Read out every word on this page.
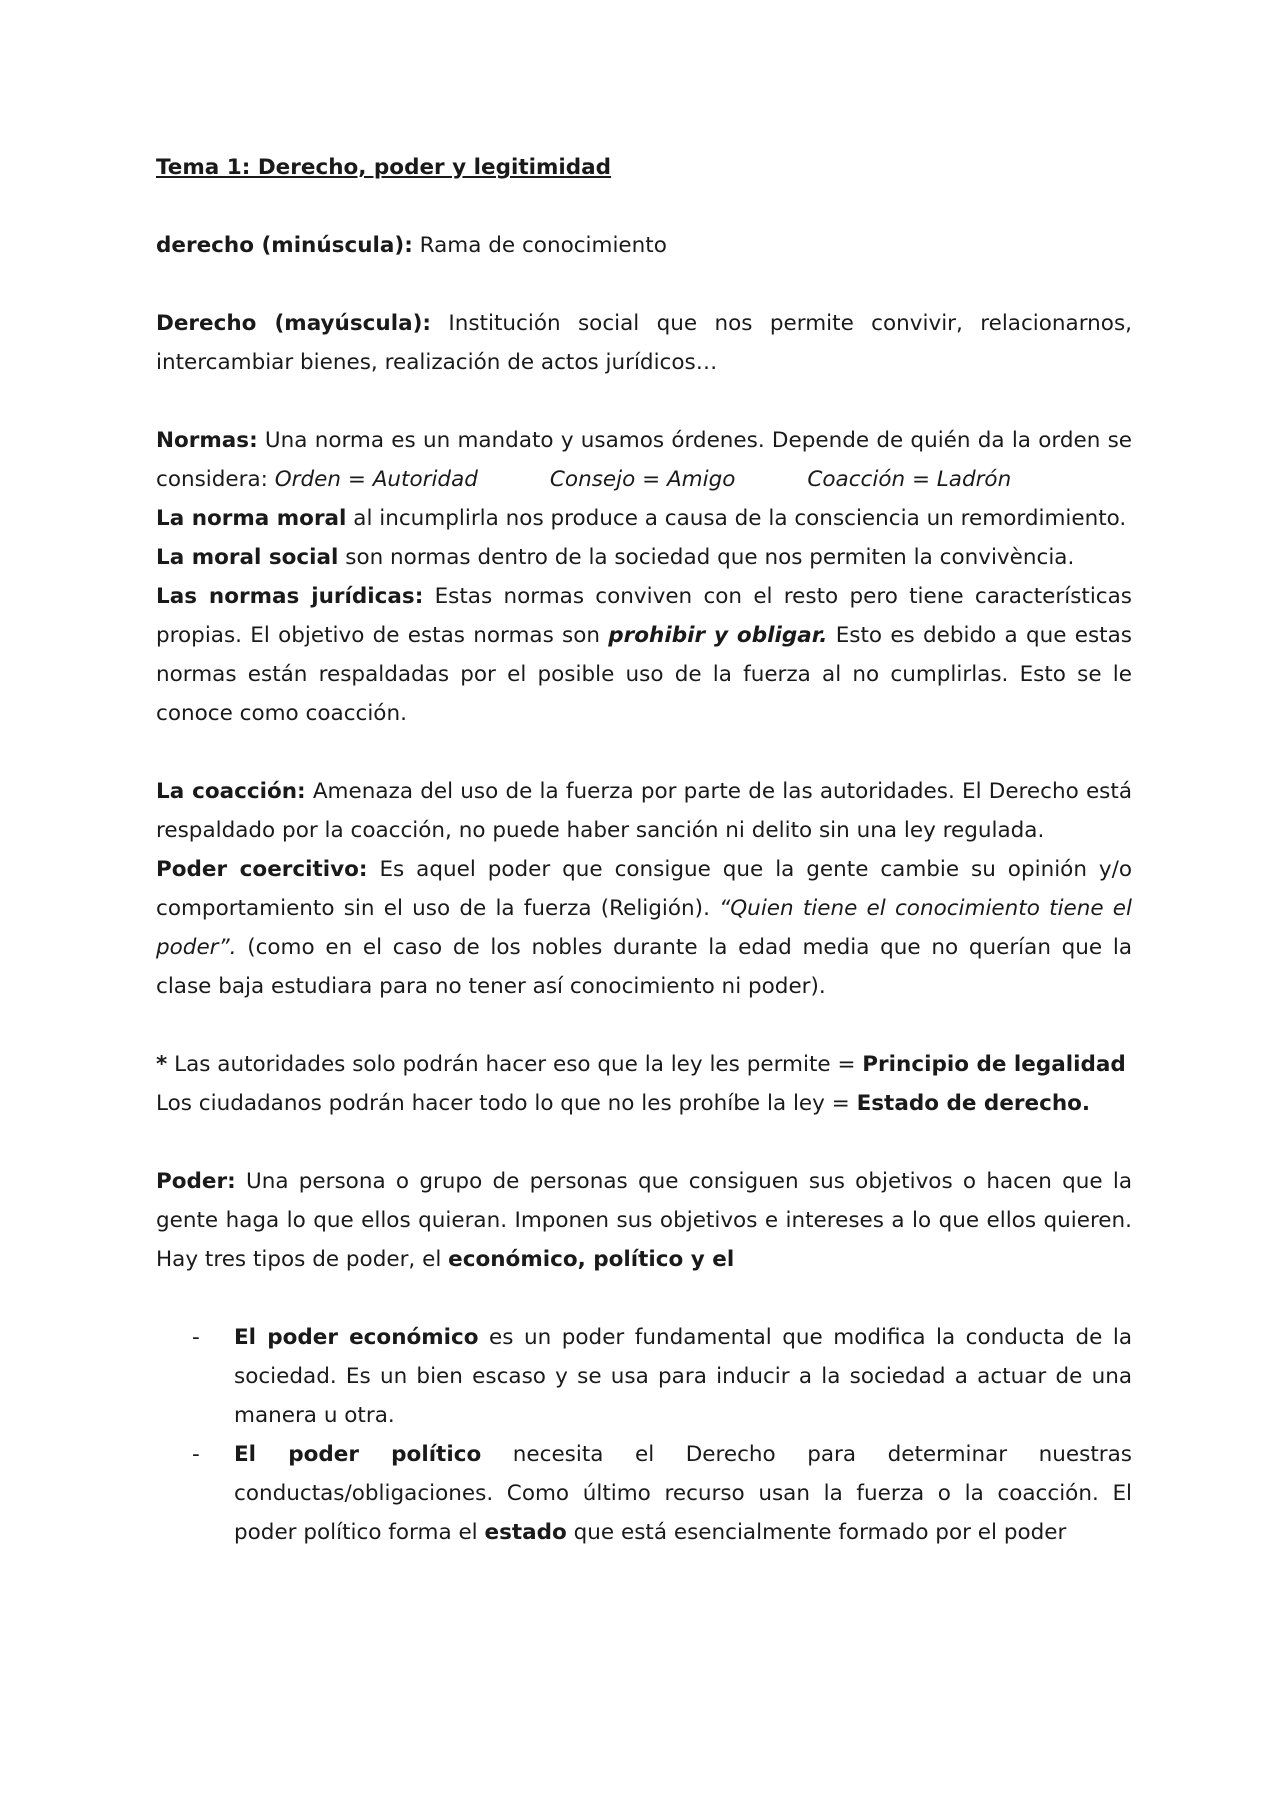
Tema 1: Derecho, poder y legitimidad

derecho (minúscula): Rama de conocimiento

Derecho (mayúscula): Institución social que nos permite convivir, relacionarnos, intercambiar bienes, realización de actos jurídicos…

Normas: Una norma es un mandato y usamos órdenes. Depende de quién da la orden se considera: Orden = Autoridad	Consejo = Amigo	Coacción = Ladrón

La norma moral al incumplirla nos produce a causa de la consciencia un remordimiento.

La moral social son normas dentro de la sociedad que nos permiten la convivència.

Las normas jurídicas: Estas normas conviven con el resto pero tiene características propias. El objetivo de estas normas son prohibir y obligar. Esto es debido a que estas normas están respaldadas por el posible uso de la fuerza al no cumplirlas. Esto se le conoce como coacción.

La coacción: Amenaza del uso de la fuerza por parte de las autoridades. El Derecho está respaldado por la coacción, no puede haber sanción ni delito sin una ley regulada.

Poder coercitivo: Es aquel poder que consigue que la gente cambie su opinión y/o comportamiento sin el uso de la fuerza (Religión). “Quien tiene el conocimiento tiene el poder”. (como en el caso de los nobles durante la edad media que no querían que la clase baja estudiara para no tener así conocimiento ni poder).

* Las autoridades solo podrán hacer eso que la ley les permite = Principio de legalidad

Los ciudadanos podrán hacer todo lo que no les prohíbe la ley = Estado de derecho.

Poder: Una persona o grupo de personas que consiguen sus objetivos o hacen que la gente haga lo que ellos quieran. Imponen sus objetivos e intereses a lo que ellos quieren. Hay tres tipos de poder, el económico, político y el

- El poder económico es un poder fundamental que modifica la conducta de la sociedad. Es un bien escaso y se usa para inducir a la sociedad a actuar de una manera u otra.
- El poder político necesita el Derecho para determinar nuestras conductas/obligaciones. Como último recurso usan la fuerza o la coacción. El poder político forma el estado que está esencialmente formado por el poder
